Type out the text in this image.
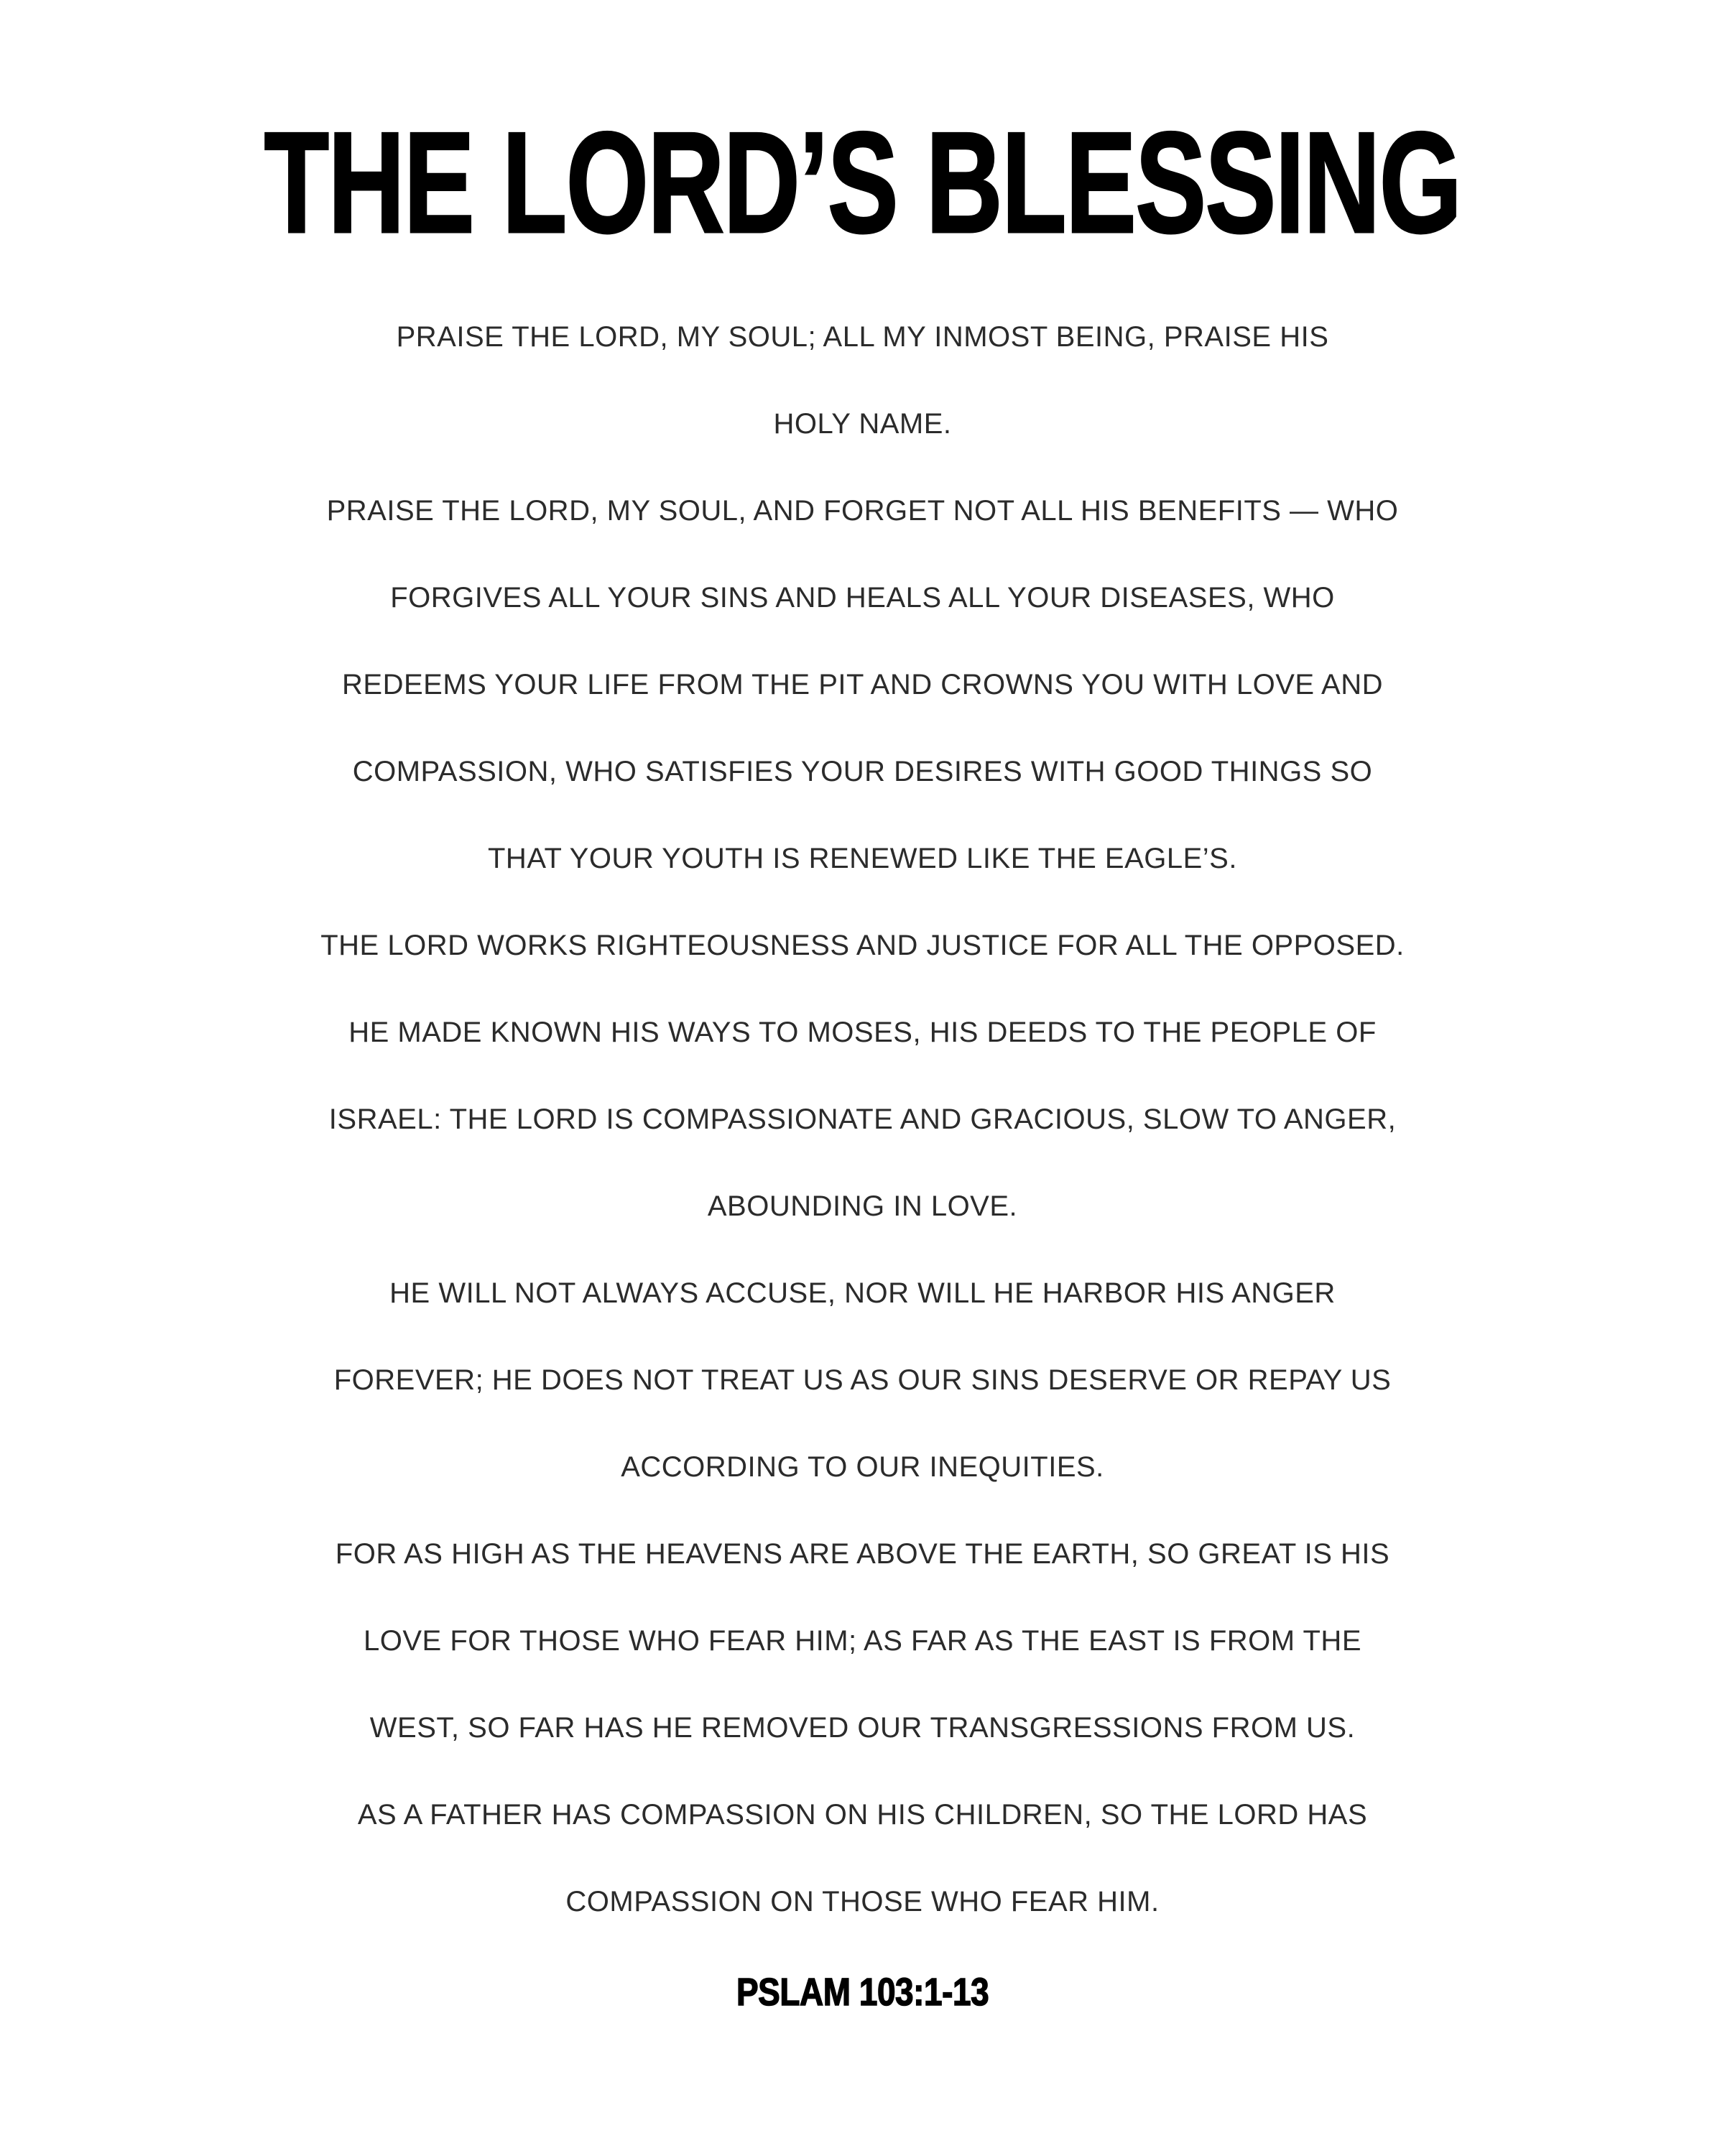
THE LORD’S BLESSING
PRAISE THE LORD, MY SOUL; ALL MY INMOST BEING, PRAISE HIS
HOLY NAME.
PRAISE THE LORD, MY SOUL, AND FORGET NOT ALL HIS BENEFITS — WHO
FORGIVES ALL YOUR SINS AND HEALS ALL YOUR DISEASES, WHO
REDEEMS YOUR LIFE FROM THE PIT AND CROWNS YOU WITH LOVE AND
COMPASSION, WHO SATISFIES YOUR DESIRES WITH GOOD THINGS SO
THAT YOUR YOUTH IS RENEWED LIKE THE EAGLE’S.
THE LORD WORKS RIGHTEOUSNESS AND JUSTICE FOR ALL THE OPPOSED.
HE MADE KNOWN HIS WAYS TO MOSES, HIS DEEDS TO THE PEOPLE OF
ISRAEL: THE LORD IS COMPASSIONATE AND GRACIOUS, SLOW TO ANGER,
ABOUNDING IN LOVE.
HE WILL NOT ALWAYS ACCUSE, NOR WILL HE HARBOR HIS ANGER
FOREVER; HE DOES NOT TREAT US AS OUR SINS DESERVE OR REPAY US
ACCORDING TO OUR INEQUITIES.
FOR AS HIGH AS THE HEAVENS ARE ABOVE THE EARTH, SO GREAT IS HIS
LOVE FOR THOSE WHO FEAR HIM; AS FAR AS THE EAST IS FROM THE
WEST, SO FAR HAS HE REMOVED OUR TRANSGRESSIONS FROM US.
AS A FATHER HAS COMPASSION ON HIS CHILDREN, SO THE LORD HAS
COMPASSION ON THOSE WHO FEAR HIM.
PSLAM 103:1-13
